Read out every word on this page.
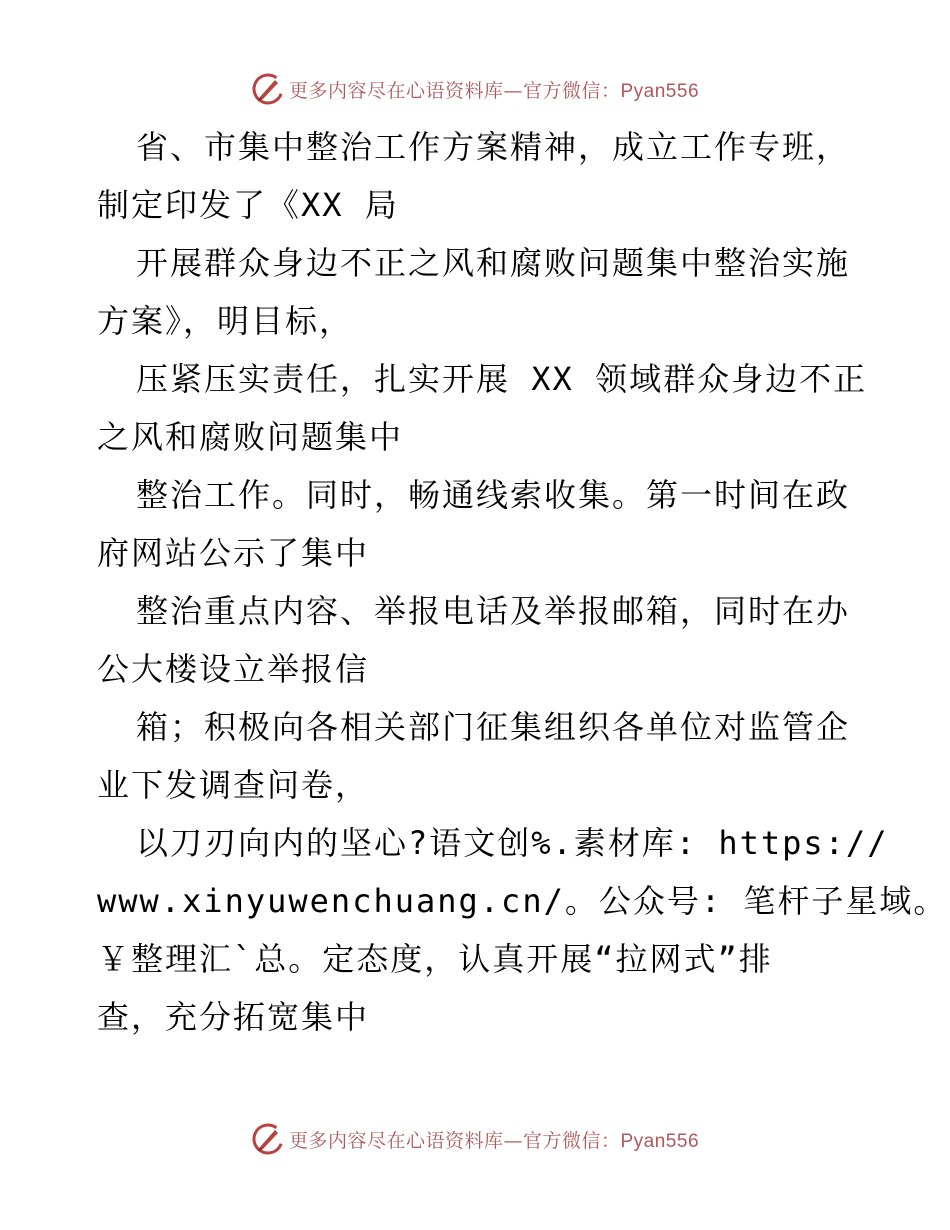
更多内容尽在心语资料库—官方微信：Pyan556
省、市集中整治工作方案精神，成立工作专班，
制定印发了《XX 局
开展群众身边不正之风和腐败问题集中整治实施
方案》，明目标，
压紧压实责任，扎实开展 XX 领域群众身边不正
之风和腐败问题集中
整治工作。同时，畅通线索收集。第一时间在政
府网站公示了集中
整治重点内容、举报电话及举报邮箱，同时在办
公大楼设立举报信
箱；积极向各相关部门征集组织各单位对监管企
业下发调查问卷，
以刀刃向内的坚心?语文创%.素材库: https://
www.xinyuwenchuang.cn/。公众号: 笔杆子星域。
￥整理汇`总。定态度，认真开展“拉网式”排
查，充分拓宽集中
更多内容尽在心语资料库—官方微信：Pyan556
